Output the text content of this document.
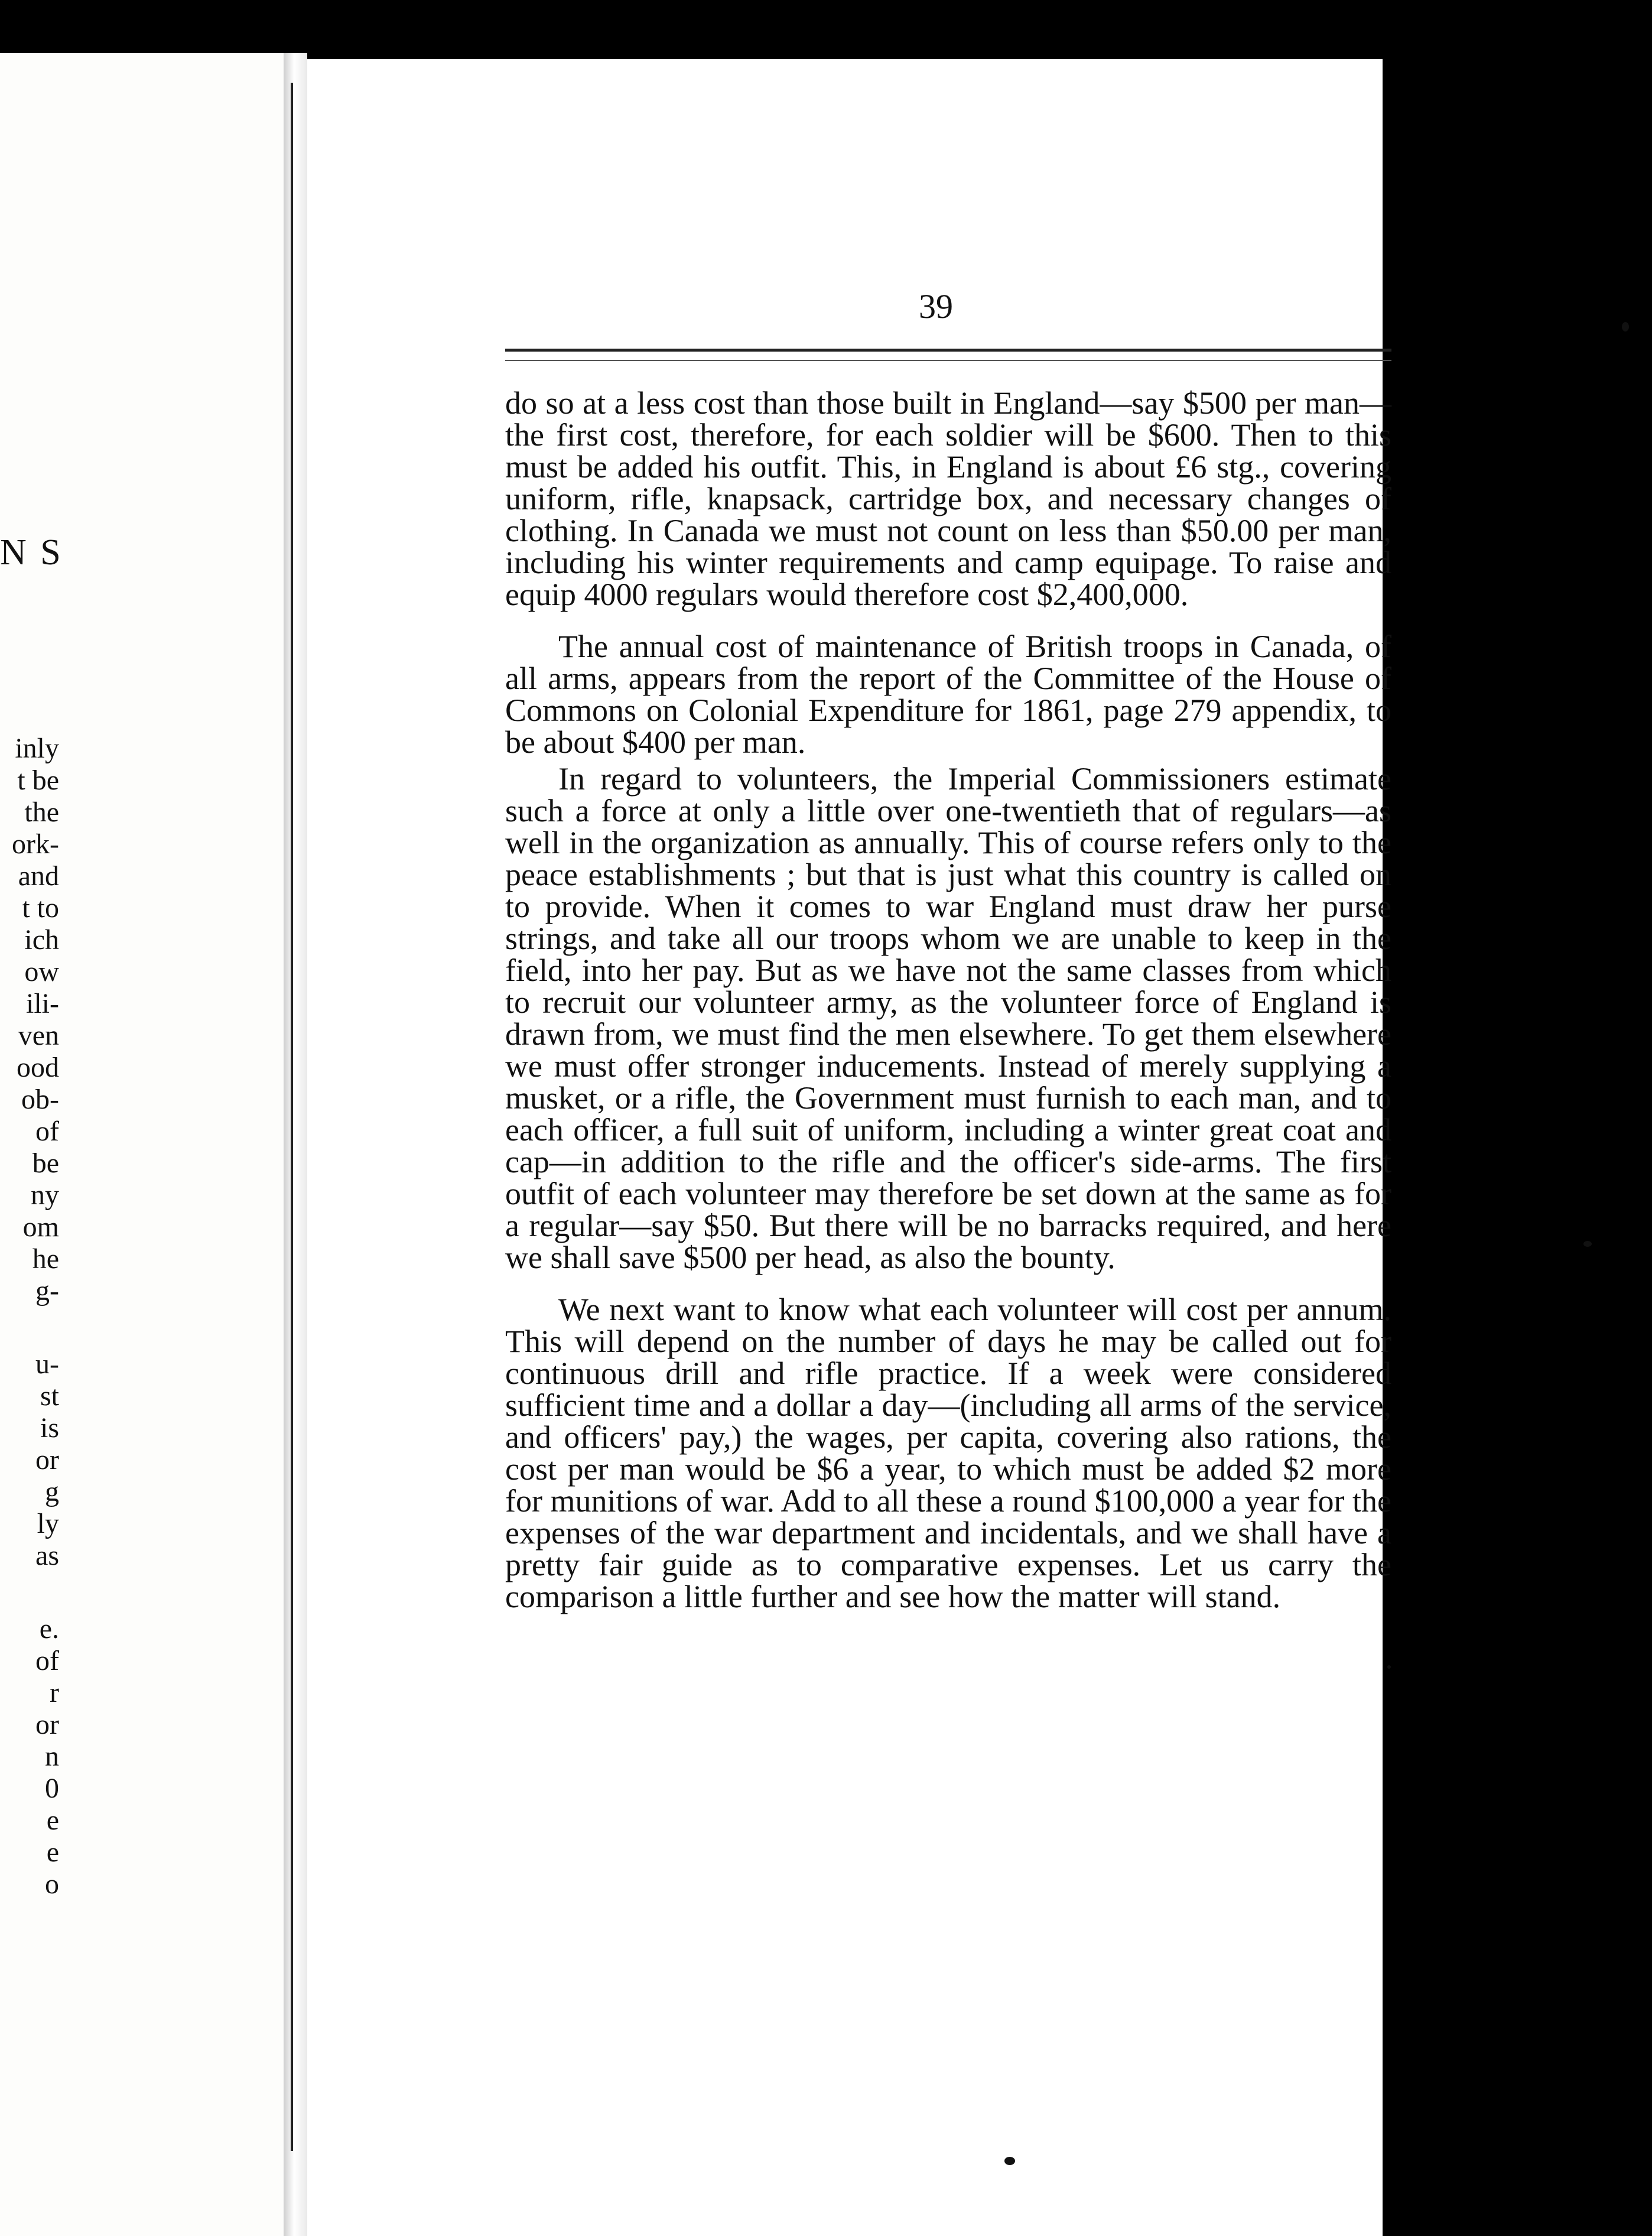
N S
inly
t be
the
ork-
and
t to
ich
ow
ili-
ven
ood
ob-
of
be
ny
om
he
g-
u-
st
is
or
g
ly
as
e.
of
r
or
n
0
e
e
o
39

do so at a less cost than those built in England—say $500 per man—the first cost, therefore, for each soldier will be $600. Then to this must be added his outfit. This, in England is about £6 stg., covering uniform, rifle, knapsack, cartridge box, and necessary changes of clothing. In Canada we must not count on less than $50.00 per man, including his winter requirements and camp equipage. To raise and equip 4000 regulars would therefore cost $2,400,000.

The annual cost of maintenance of British troops in Canada, of all arms, appears from the report of the Committee of the House of Commons on Colonial Expenditure for 1861, page 279 appendix, to be about $400 per man.

In regard to volunteers, the Imperial Commissioners estimate such a force at only a little over one-twentieth that of regulars—as well in the organization as annually. This of course refers only to the peace establishments ; but that is just what this country is called on to provide. When it comes to war England must draw her purse strings, and take all our troops whom we are unable to keep in the field, into her pay. But as we have not the same classes from which to recruit our volunteer army, as the volunteer force of England is drawn from, we must find the men elsewhere. To get them elsewhere we must offer stronger inducements. Instead of merely supplying a musket, or a rifle, the Government must furnish to each man, and to each officer, a full suit of uniform, including a winter great coat and cap—in addition to the rifle and the officer's side-arms. The first outfit of each volunteer may therefore be set down at the same as for a regular—say $50. But there will be no barracks required, and here we shall save $500 per head, as also the bounty.

We next want to know what each volunteer will cost per annum. This will depend on the number of days he may be called out for continuous drill and rifle practice. If a week were considered sufficient time and a dollar a day—(including all arms of the service, and officers' pay,) the wages, per capita, covering also rations, the cost per man would be $6 a year, to which must be added $2 more for munitions of war. Add to all these a round $100,000 a year for the expenses of the war department and incidentals, and we shall have a pretty fair guide as to comparative expenses. Let us carry the comparison a little further and see how the matter will stand.
